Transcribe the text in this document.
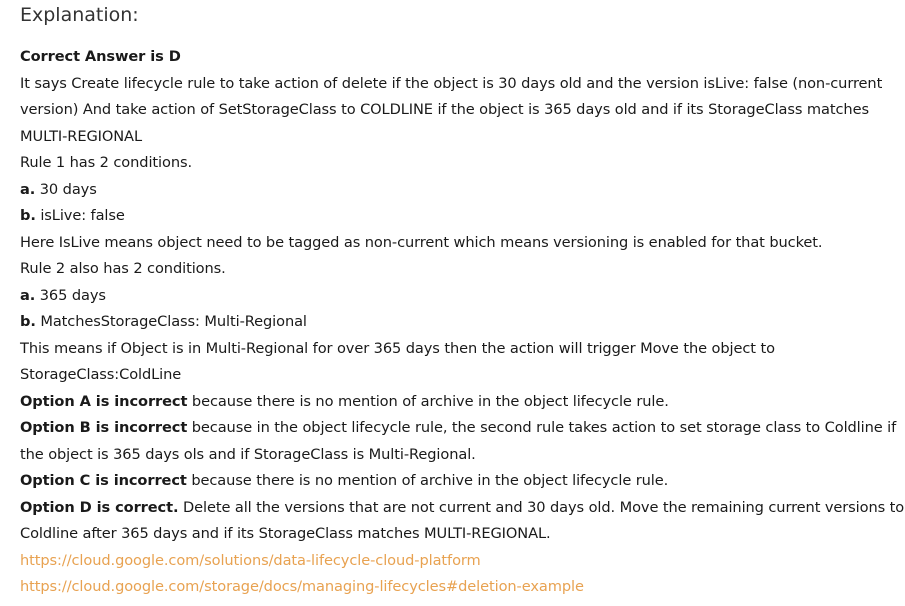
Explanation:
Correct Answer is D
It says Create lifecycle rule to take action of delete if the object is 30 days old and the version isLive: false (non-current
version) And take action of SetStorageClass to COLDLINE if the object is 365 days old and if its StorageClass matches
MULTI-REGIONAL
Rule 1 has 2 conditions.
a. 30 days
b. isLive: false
Here IsLive means object need to be tagged as non-current which means versioning is enabled for that bucket.
Rule 2 also has 2 conditions.
a. 365 days
b. MatchesStorageClass: Multi-Regional
This means if Object is in Multi-Regional for over 365 days then the action will trigger Move the object to
StorageClass:ColdLine
Option A is incorrect because there is no mention of archive in the object lifecycle rule.
Option B is incorrect because in the object lifecycle rule, the second rule takes action to set storage class to Coldline if
the object is 365 days ols and if StorageClass is Multi-Regional.
Option C is incorrect because there is no mention of archive in the object lifecycle rule.
Option D is correct. Delete all the versions that are not current and 30 days old. Move the remaining current versions to
Coldline after 365 days and if its StorageClass matches MULTI-REGIONAL.
https://cloud.google.com/solutions/data-lifecycle-cloud-platform
https://cloud.google.com/storage/docs/managing-lifecycles#deletion-example
